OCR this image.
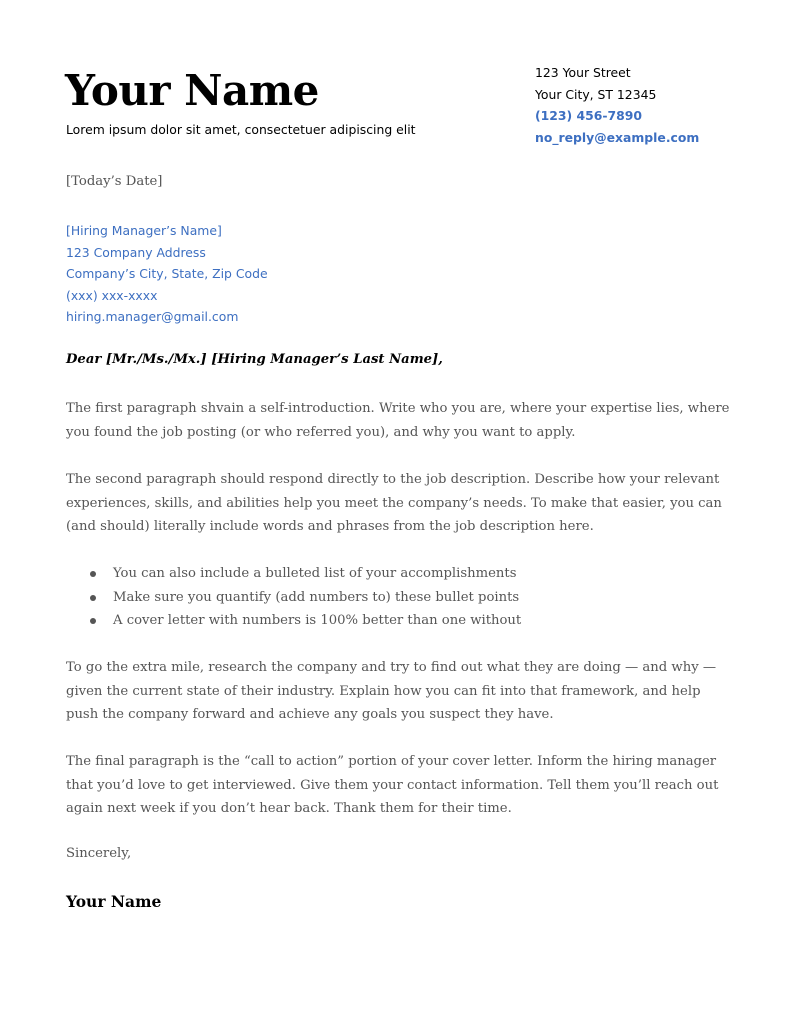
Your Name
Lorem ipsum dolor sit amet, consectetuer adipiscing elit
123 Your Street
Your City, ST 12345
(123) 456-7890
no_reply@example.com
[Today’s Date]
[Hiring Manager’s Name]
123 Company Address
Company’s City, State, Zip Code
(xxx) xxx-xxxx
hiring.manager@gmail.com
Dear [Mr./Ms./Mx.] [Hiring Manager’s Last Name],

The first paragraph shvain a self-introduction. Write who you are, where your expertise lies, where you found the job posting (or who referred you), and why you want to apply.

The second paragraph should respond directly to the job description. Describe how your relevant experiences, skills, and abilities help you meet the company’s needs. To make that easier, you can (and should) literally include words and phrases from the job description here.

You can also include a bulleted list of your accomplishments
Make sure you quantify (add numbers to) these bullet points
A cover letter with numbers is 100% better than one without

To go the extra mile, research the company and try to find out what they are doing — and why — given the current state of their industry. Explain how you can fit into that framework, and help push the company forward and achieve any goals you suspect they have.

The final paragraph is the “call to action” portion of your cover letter. Inform the hiring manager that you’d love to get interviewed. Give them your contact information. Tell them you’ll reach out again next week if you don’t hear back. Thank them for their time.

Sincerely,
Your Name
